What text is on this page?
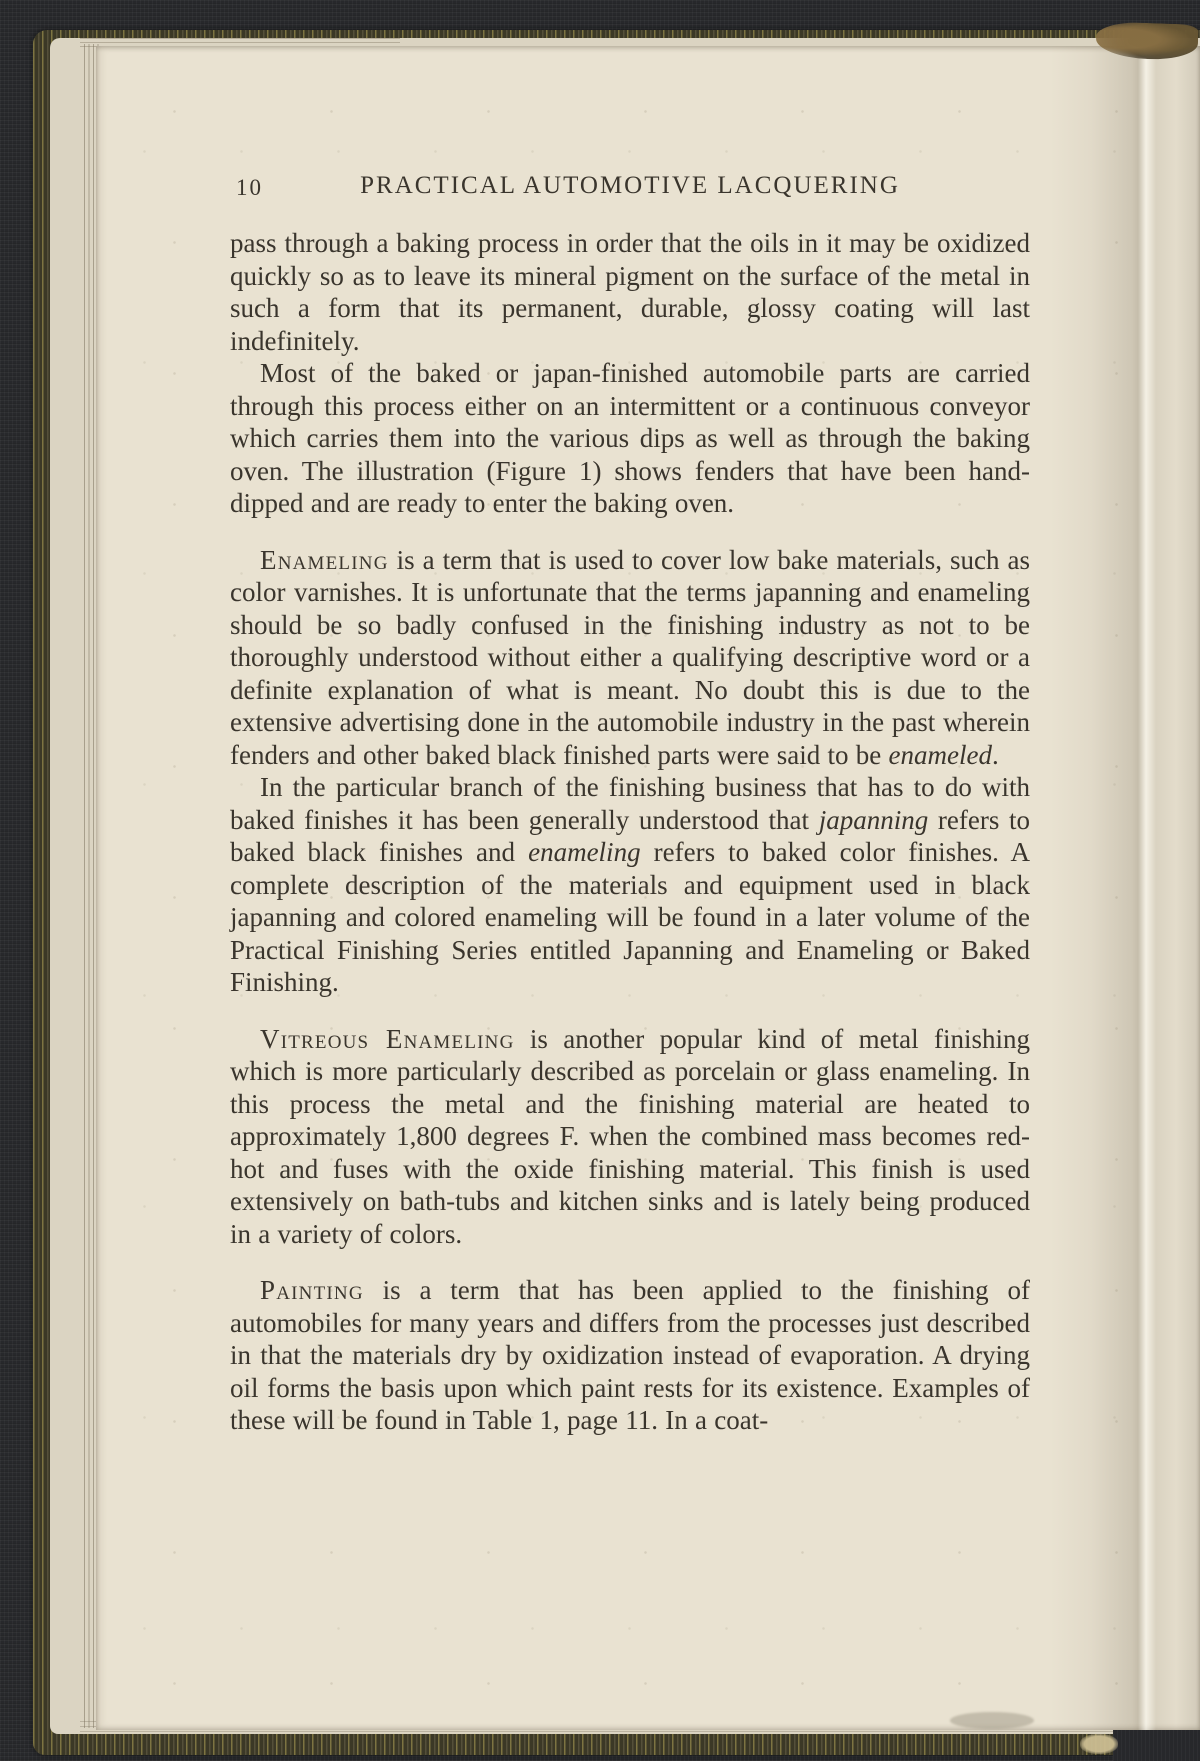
10	PRACTICAL AUTOMOTIVE LACQUERING

pass through a baking process in order that the oils in it may be oxidized quickly so as to leave its mineral pigment on the surface of the metal in such a form that its permanent, durable, glossy coating will last indefinitely.

Most of the baked or japan-finished automobile parts are carried through this process either on an intermittent or a continuous conveyor which carries them into the various dips as well as through the baking oven. The illustration (Figure 1) shows fenders that have been hand-dipped and are ready to enter the baking oven.

Enameling is a term that is used to cover low bake materials, such as color varnishes. It is unfortunate that the terms japanning and enameling should be so badly confused in the finishing industry as not to be thoroughly understood without either a qualifying descriptive word or a definite explanation of what is meant. No doubt this is due to the extensive advertising done in the automobile industry in the past wherein fenders and other baked black finished parts were said to be enameled.

In the particular branch of the finishing business that has to do with baked finishes it has been generally understood that japanning refers to baked black finishes and enameling refers to baked color finishes. A complete description of the materials and equipment used in black japanning and colored enameling will be found in a later volume of the Practical Finishing Series entitled Japanning and Enameling or Baked Finishing.

Vitreous Enameling is another popular kind of metal finishing which is more particularly described as porcelain or glass enameling. In this process the metal and the finishing material are heated to approximately 1,800 degrees F. when the combined mass becomes red-hot and fuses with the oxide finishing material. This finish is used extensively on bath-tubs and kitchen sinks and is lately being produced in a variety of colors.

Painting is a term that has been applied to the finishing of automobiles for many years and differs from the processes just described in that the materials dry by oxidization instead of evaporation. A drying oil forms the basis upon which paint rests for its existence. Examples of these will be found in Table 1, page 11. In a coat-
